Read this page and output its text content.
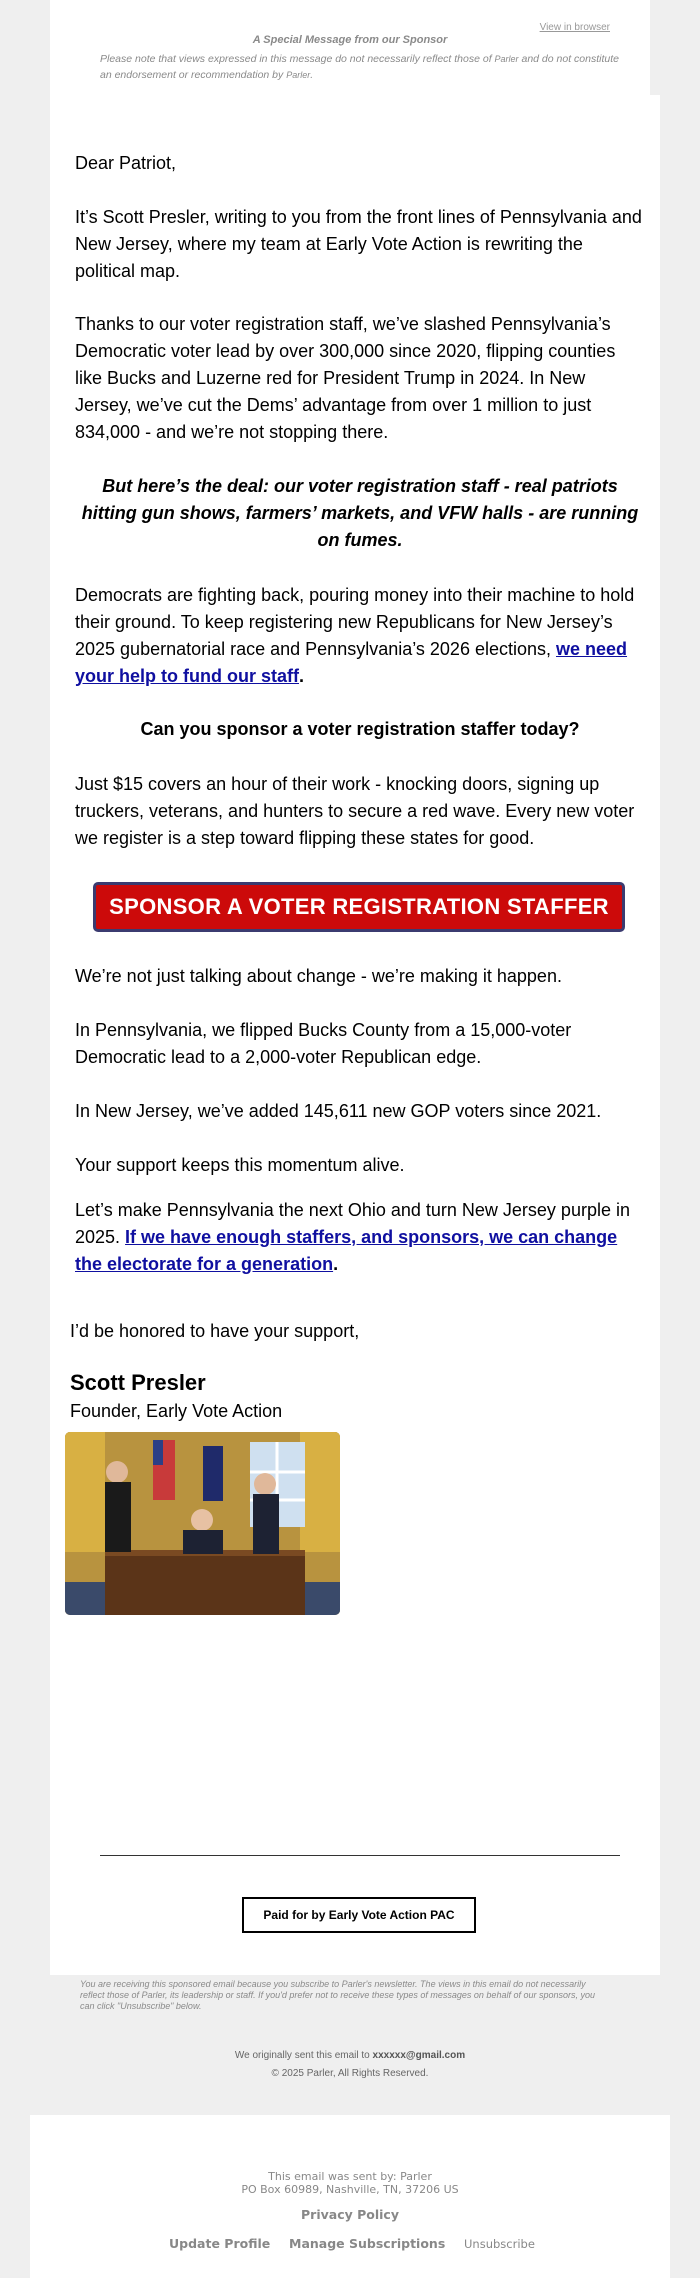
View in browser
A Special Message from our Sponsor
Please note that views expressed in this message do not necessarily reflect those of Parler and do not constitute an endorsement or recommendation by Parler.
Dear Patriot,
It’s Scott Presler, writing to you from the front lines of Pennsylvania and New Jersey, where my team at Early Vote Action is rewriting the political map.
Thanks to our voter registration staff, we’ve slashed Pennsylvania’s Democratic voter lead by over 300,000 since 2020, flipping counties like Bucks and Luzerne red for President Trump in 2024. In New Jersey, we’ve cut the Dems’ advantage from over 1 million to just 834,000 - and we’re not stopping there.
But here’s the deal: our voter registration staff - real patriots hitting gun shows, farmers’ markets, and VFW halls - are running on fumes.
Democrats are fighting back, pouring money into their machine to hold their ground. To keep registering new Republicans for New Jersey’s 2025 gubernatorial race and Pennsylvania’s 2026 elections, we need your help to fund our staff.
Can you sponsor a voter registration staffer today?
Just $15 covers an hour of their work - knocking doors, signing up truckers, veterans, and hunters to secure a red wave. Every new voter we register is a step toward flipping these states for good.
SPONSOR A VOTER REGISTRATION STAFFER
We’re not just talking about change - we’re making it happen.
In Pennsylvania, we flipped Bucks County from a 15,000-voter Democratic lead to a 2,000-voter Republican edge.
In New Jersey, we’ve added 145,611 new GOP voters since 2021.
Your support keeps this momentum alive.
Let’s make Pennsylvania the next Ohio and turn New Jersey purple in 2025. If we have enough staffers, and sponsors, we can change the electorate for a generation.
I’d be honored to have your support,
Scott Presler
Founder, Early Vote Action
Paid for by Early Vote Action PAC
You are receiving this sponsored email because you subscribe to Parler's newsletter. The views in this email do not necessarily reflect those of Parler, its leadership or staff. If you'd prefer not to receive these types of messages on behalf of our sponsors, you can click "Unsubscribe" below.
We originally sent this email to xxxxxx@gmail.com
© 2025 Parler, All Rights Reserved.
This email was sent by: Parler
PO Box 60989, Nashville, TN, 37206 US
Privacy Policy
Update Profile Manage Subscriptions Unsubscribe
